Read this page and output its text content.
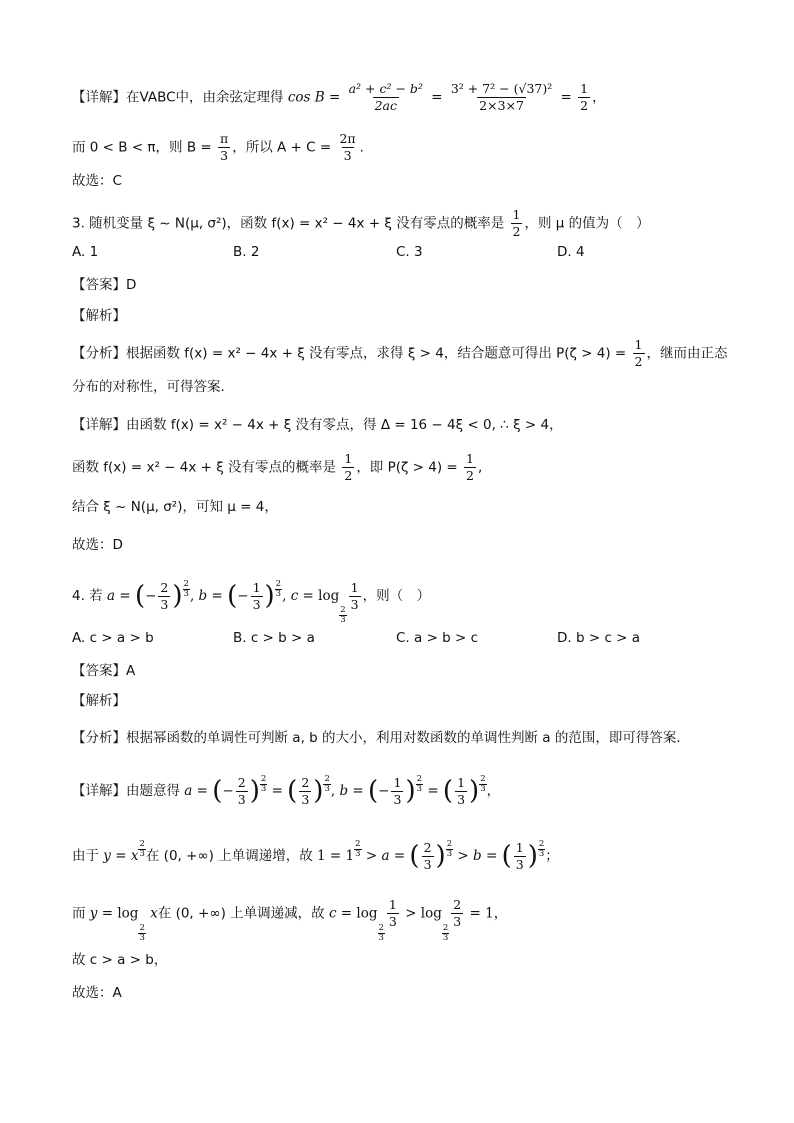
【详解】在VABC中，由余弦定理得 $\cos B = \frac{\text{a² + c² − b²}}{2ac} = \frac{\text{3² + 7² − (√37)²}}{2\times 3\times 7} = \frac{1}{2}$ ，
而 0 < B < π，则 $B = \frac{\pi}{3}$ ，所以 $A + C = \frac{2\pi}{3}$ .
故选：C
3. 随机变量 ξ ~ N(μ, σ²)，函数 f(x) = x² − 4x + ξ 没有零点的概率是 $\frac{1}{2}$ ，则 μ 的值为（　）
A. 1	B. 2	C. 3	D. 4
【答案】D
【解析】
【分析】根据函数 f(x) = x² − 4x + ξ 没有零点，求得 ξ > 4，结合题意可得出 $P(\zeta > 4) = \frac{1}{2}$ ，继而由正态
分布的对称性，可得答案.
【详解】由函数 f(x) = x² − 4x + ξ 没有零点，得 Δ = 16 − 4ξ < 0, ∴ ξ > 4，
函数 f(x) = x² − 4x + ξ 没有零点的概率是 $\frac{1}{2}$ ，即 $P(\zeta > 4) = \frac{1}{2}$ ,
结合 ξ ~ N(μ, σ²)，可知 μ = 4，
故选：D
4. 若 a = (− $\frac{2}{3}$ ) $\frac{2}{3}$ , b = (− $\frac{1}{3}$ ) $\frac{2}{3}$ , c = log
$\frac{2}{3}$
$\frac{1}{3}$ ，则（　）
A. c > a > b	B. c > b > a	C. a > b > c	D. b > c > a
【答案】A
【解析】
【分析】根据幂函数的单调性可判断 a, b 的大小，利用对数函数的单调性判断 a 的范围，即可得答案.
【详解】由题意得 a = (− $\frac{2}{3}$ ) $\frac{2}{3}$ = ( $\frac{2}{3}$ ) $\frac{2}{3}$ , b = (− $\frac{1}{3}$ ) $\frac{2}{3}$ = ( $\frac{1}{3}$ ) $\frac{2}{3}$ ，
由于 y = x $\frac{2}{3}$ 在 (0, +∞) 上单调递增，故 $1 = 1 \frac{2}{3} > a$ = ( $\frac{2}{3}$ ) $\frac{2}{3} > b$ = ( $\frac{1}{3}$ ) $\frac{2}{3}$ ；
而 y = log
$\frac{2}{3}$
x在 (0, +∞) 上单调递减，故 c = log
$\frac{2}{3}$
$\frac{1}{3} > \log$
$\frac{2}{3}$
$\frac{2}{3} = 1$，
故 c > a > b，
故选：A
